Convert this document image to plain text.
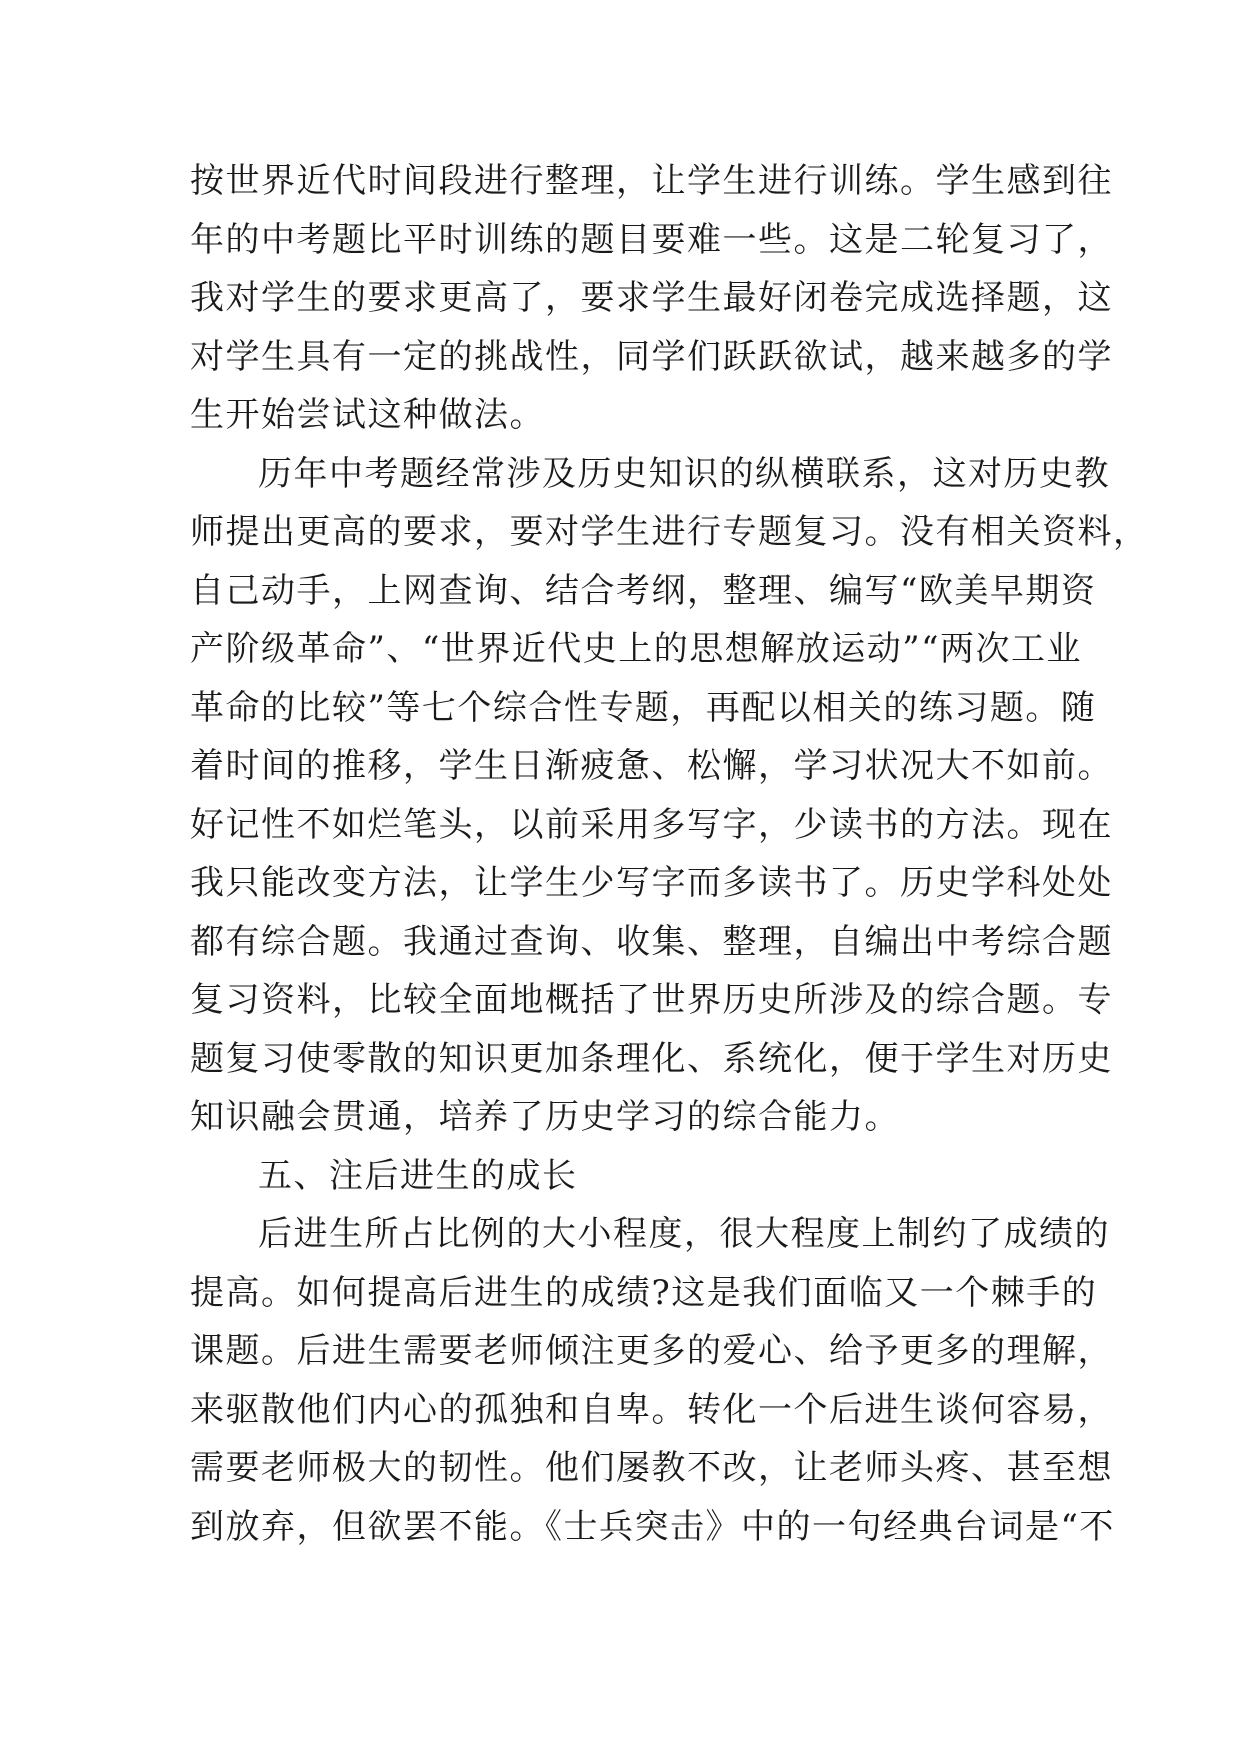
按世界近代时间段进行整理，让学生进行训练。学生感到往
年的中考题比平时训练的题目要难一些。这是二轮复习了，
我对学生的要求更高了，要求学生最好闭卷完成选择题，这
对学生具有一定的挑战性，同学们跃跃欲试，越来越多的学
生开始尝试这种做法。
历年中考题经常涉及历史知识的纵横联系，这对历史教
师提出更高的要求，要对学生进行专题复习。没有相关资料，
自己动手，上网查询、结合考纲，整理、编写“欧美早期资
产阶级革命”、“世界近代史上的思想解放运动”“两次工业
革命的比较”等七个综合性专题，再配以相关的练习题。随
着时间的推移，学生日渐疲惫、松懈，学习状况大不如前。
好记性不如烂笔头，以前采用多写字，少读书的方法。现在
我只能改变方法，让学生少写字而多读书了。历史学科处处
都有综合题。我通过查询、收集、整理，自编出中考综合题
复习资料，比较全面地概括了世界历史所涉及的综合题。专
题复习使零散的知识更加条理化、系统化，便于学生对历史
知识融会贯通，培养了历史学习的综合能力。
五、注后进生的成长
后进生所占比例的大小程度，很大程度上制约了成绩的
提高。如何提高后进生的成绩?这是我们面临又一个棘手的
课题。后进生需要老师倾注更多的爱心、给予更多的理解，
来驱散他们内心的孤独和自卑。转化一个后进生谈何容易，
需要老师极大的韧性。他们屡教不改，让老师头疼、甚至想
到放弃，但欲罢不能。《士兵突击》中的一句经典台词是“不
